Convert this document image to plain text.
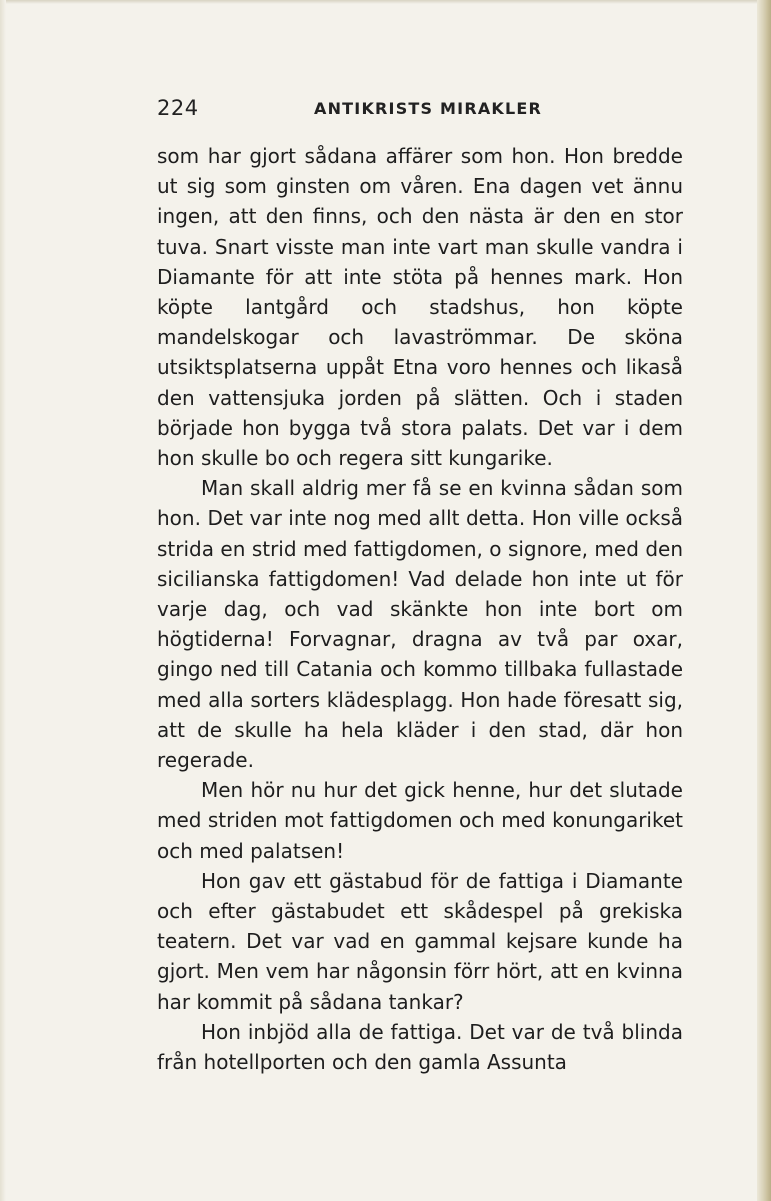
224	ANTIKRISTS MIRAKLER

som har gjort sådana affärer som hon. Hon bredde ut sig som ginsten om våren. Ena dagen vet ännu ingen, att den finns, och den nästa är den en stor tuva. Snart visste man inte vart man skulle vandra i Diamante för att inte stöta på hennes mark. Hon köpte lantgård och stadshus, hon köpte mandelskogar och lavaströmmar. De sköna utsiktsplatserna uppåt Etna voro hennes och likaså den vattensjuka jorden på slätten. Och i staden började hon bygga två stora palats. Det var i dem hon skulle bo och regera sitt kungarike.

Man skall aldrig mer få se en kvinna sådan som hon. Det var inte nog med allt detta. Hon ville också strida en strid med fattigdomen, o signore, med den sicilianska fattigdomen! Vad delade hon inte ut för varje dag, och vad skänkte hon inte bort om högtiderna! Forvagnar, dragna av två par oxar, gingo ned till Catania och kommo tillbaka fullastade med alla sorters klädesplagg. Hon hade föresatt sig, att de skulle ha hela kläder i den stad, där hon regerade.

Men hör nu hur det gick henne, hur det slutade med striden mot fattigdomen och med konungariket och med palatsen!

Hon gav ett gästabud för de fattiga i Diamante och efter gästabudet ett skådespel på grekiska teatern. Det var vad en gammal kejsare kunde ha gjort. Men vem har någonsin förr hört, att en kvinna har kommit på sådana tankar?

Hon inbjöd alla de fattiga. Det var de två blinda från hotellporten och den gamla Assunta
